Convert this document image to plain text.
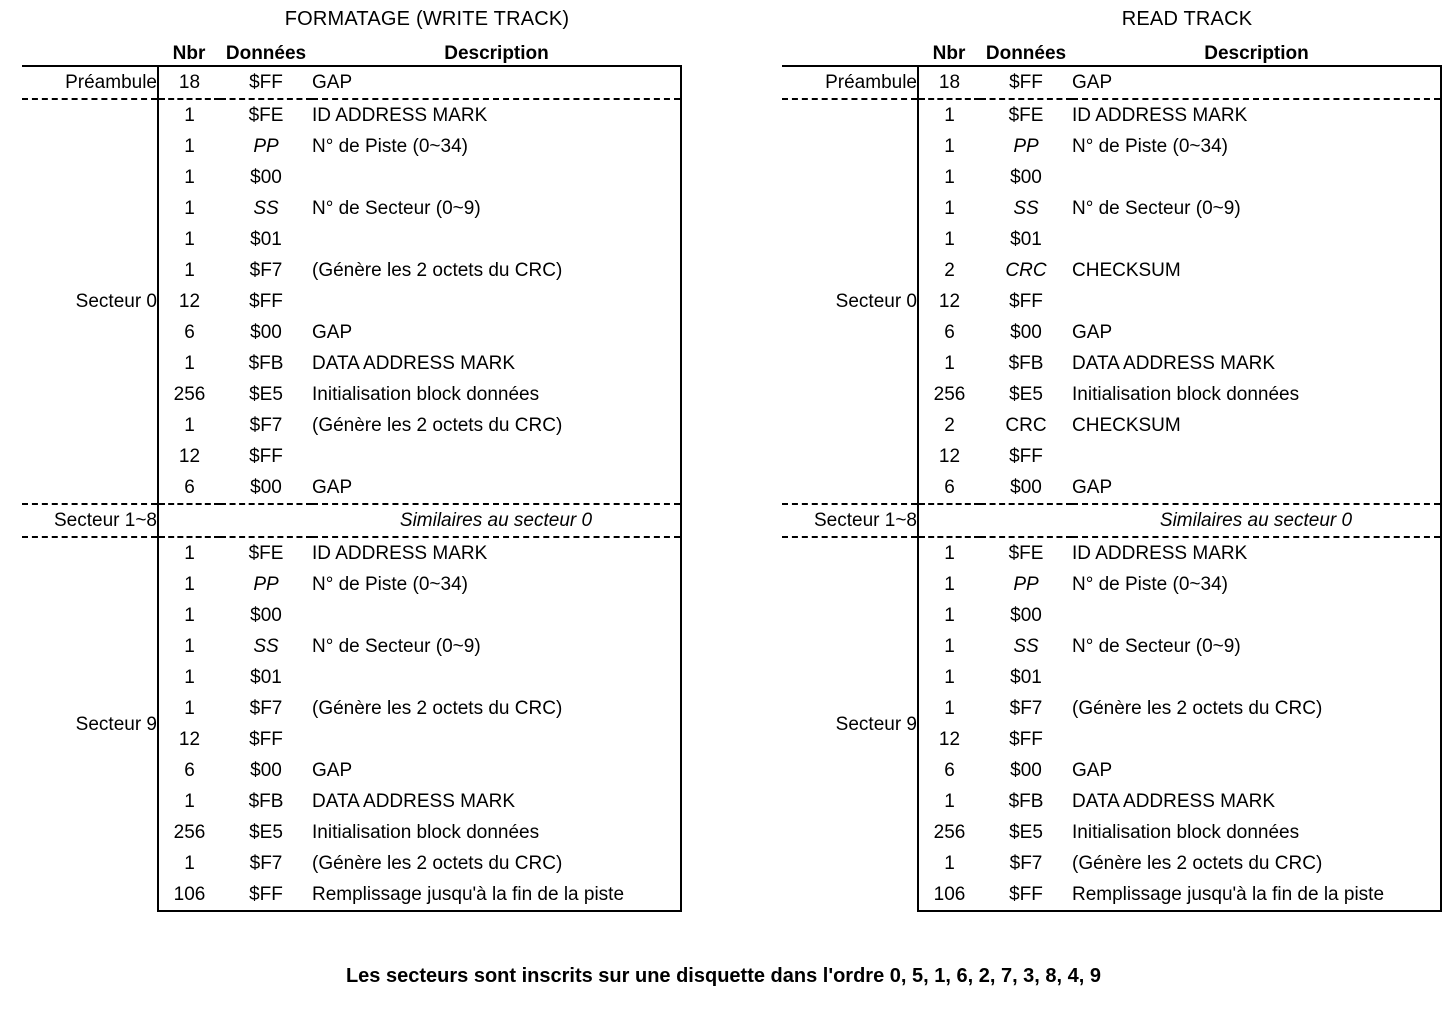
FORMATAGE (WRITE TRACK)
	Nbr	Données	Description
Préambule	18	$FF	GAP

Secteur 0	1	$FE	ID ADDRESS MARK
	1	PP	N° de Piste (0~34)
	1	$00	
	1	SS	N° de Secteur (0~9)
	1	$01	
	1	$F7	(Génère les 2 octets du CRC)
	12	$FF	
	6	$00	GAP
	1	$FB	DATA ADDRESS MARK
	256	$E5	Initialisation block données
	1	$F7	(Génère les 2 octets du CRC)
	12	$FF	
	6	$00	GAP

Secteur 1~8			Similaires au secteur 0

Secteur 9	1	$FE	ID ADDRESS MARK
	1	PP	N° de Piste (0~34)
	1	$00	
	1	SS	N° de Secteur (0~9)
	1	$01	
	1	$F7	(Génère les 2 octets du CRC)
	12	$FF	
	6	$00	GAP
	1	$FB	DATA ADDRESS MARK
	256	$E5	Initialisation block données
	1	$F7	(Génère les 2 octets du CRC)
	106	$FF	Remplissage jusqu'à la fin de la piste
READ TRACK
	Nbr	Données	Description
Préambule	18	$FF	GAP

Secteur 0	1	$FE	ID ADDRESS MARK
	1	PP	N° de Piste (0~34)
	1	$00	
	1	SS	N° de Secteur (0~9)
	1	$01	
	2	CRC	CHECKSUM
	12	$FF	
	6	$00	GAP
	1	$FB	DATA ADDRESS MARK
	256	$E5	Initialisation block données
	2	CRC	CHECKSUM
	12	$FF	
	6	$00	GAP

Secteur 1~8			Similaires au secteur 0

Secteur 9	1	$FE	ID ADDRESS MARK
	1	PP	N° de Piste (0~34)
	1	$00	
	1	SS	N° de Secteur (0~9)
	1	$01	
	1	$F7	(Génère les 2 octets du CRC)
	12	$FF	
	6	$00	GAP
	1	$FB	DATA ADDRESS MARK
	256	$E5	Initialisation block données
	1	$F7	(Génère les 2 octets du CRC)
	106	$FF	Remplissage jusqu'à la fin de la piste
Les secteurs sont inscrits sur une disquette dans l'ordre 0, 5, 1, 6, 2, 7, 3, 8, 4, 9
